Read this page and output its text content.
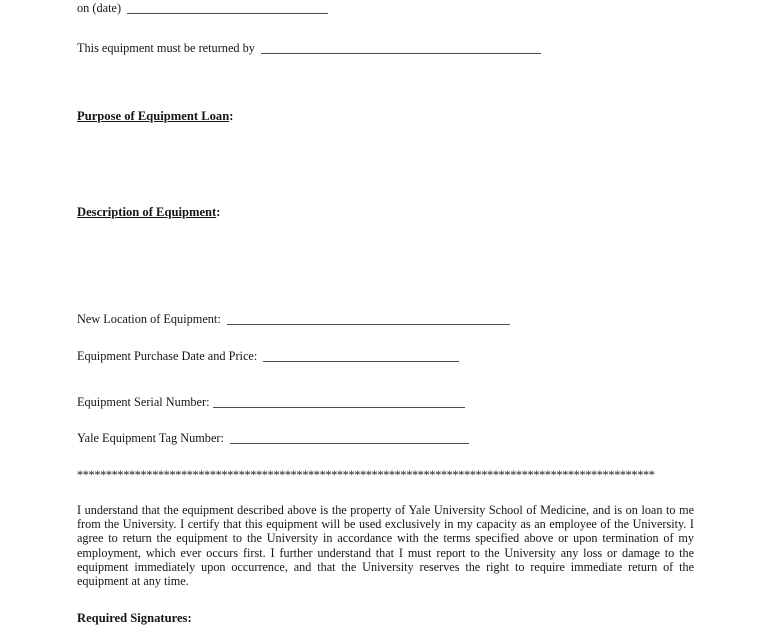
on (date)
This equipment must be returned by
Purpose of Equipment Loan:
Description of Equipment:
New Location of Equipment:
Equipment Purchase Date and Price:
Equipment Serial Number:
Yale Equipment Tag Number:
****************************************************************************************************
I understand that the equipment described above is the property of Yale University School of Medicine, and is on loan to me from the University. I certify that this equipment will be used exclusively in my capacity as an employee of the University. I agree to return the equipment to the University in accordance with the terms specified above or upon termination of my employment, which ever occurs first. I further understand that I must report to the University any loss or damage to the equipment immediately upon occurrence, and that the University reserves the right to require immediate return of the equipment at any time.
Required Signatures:
